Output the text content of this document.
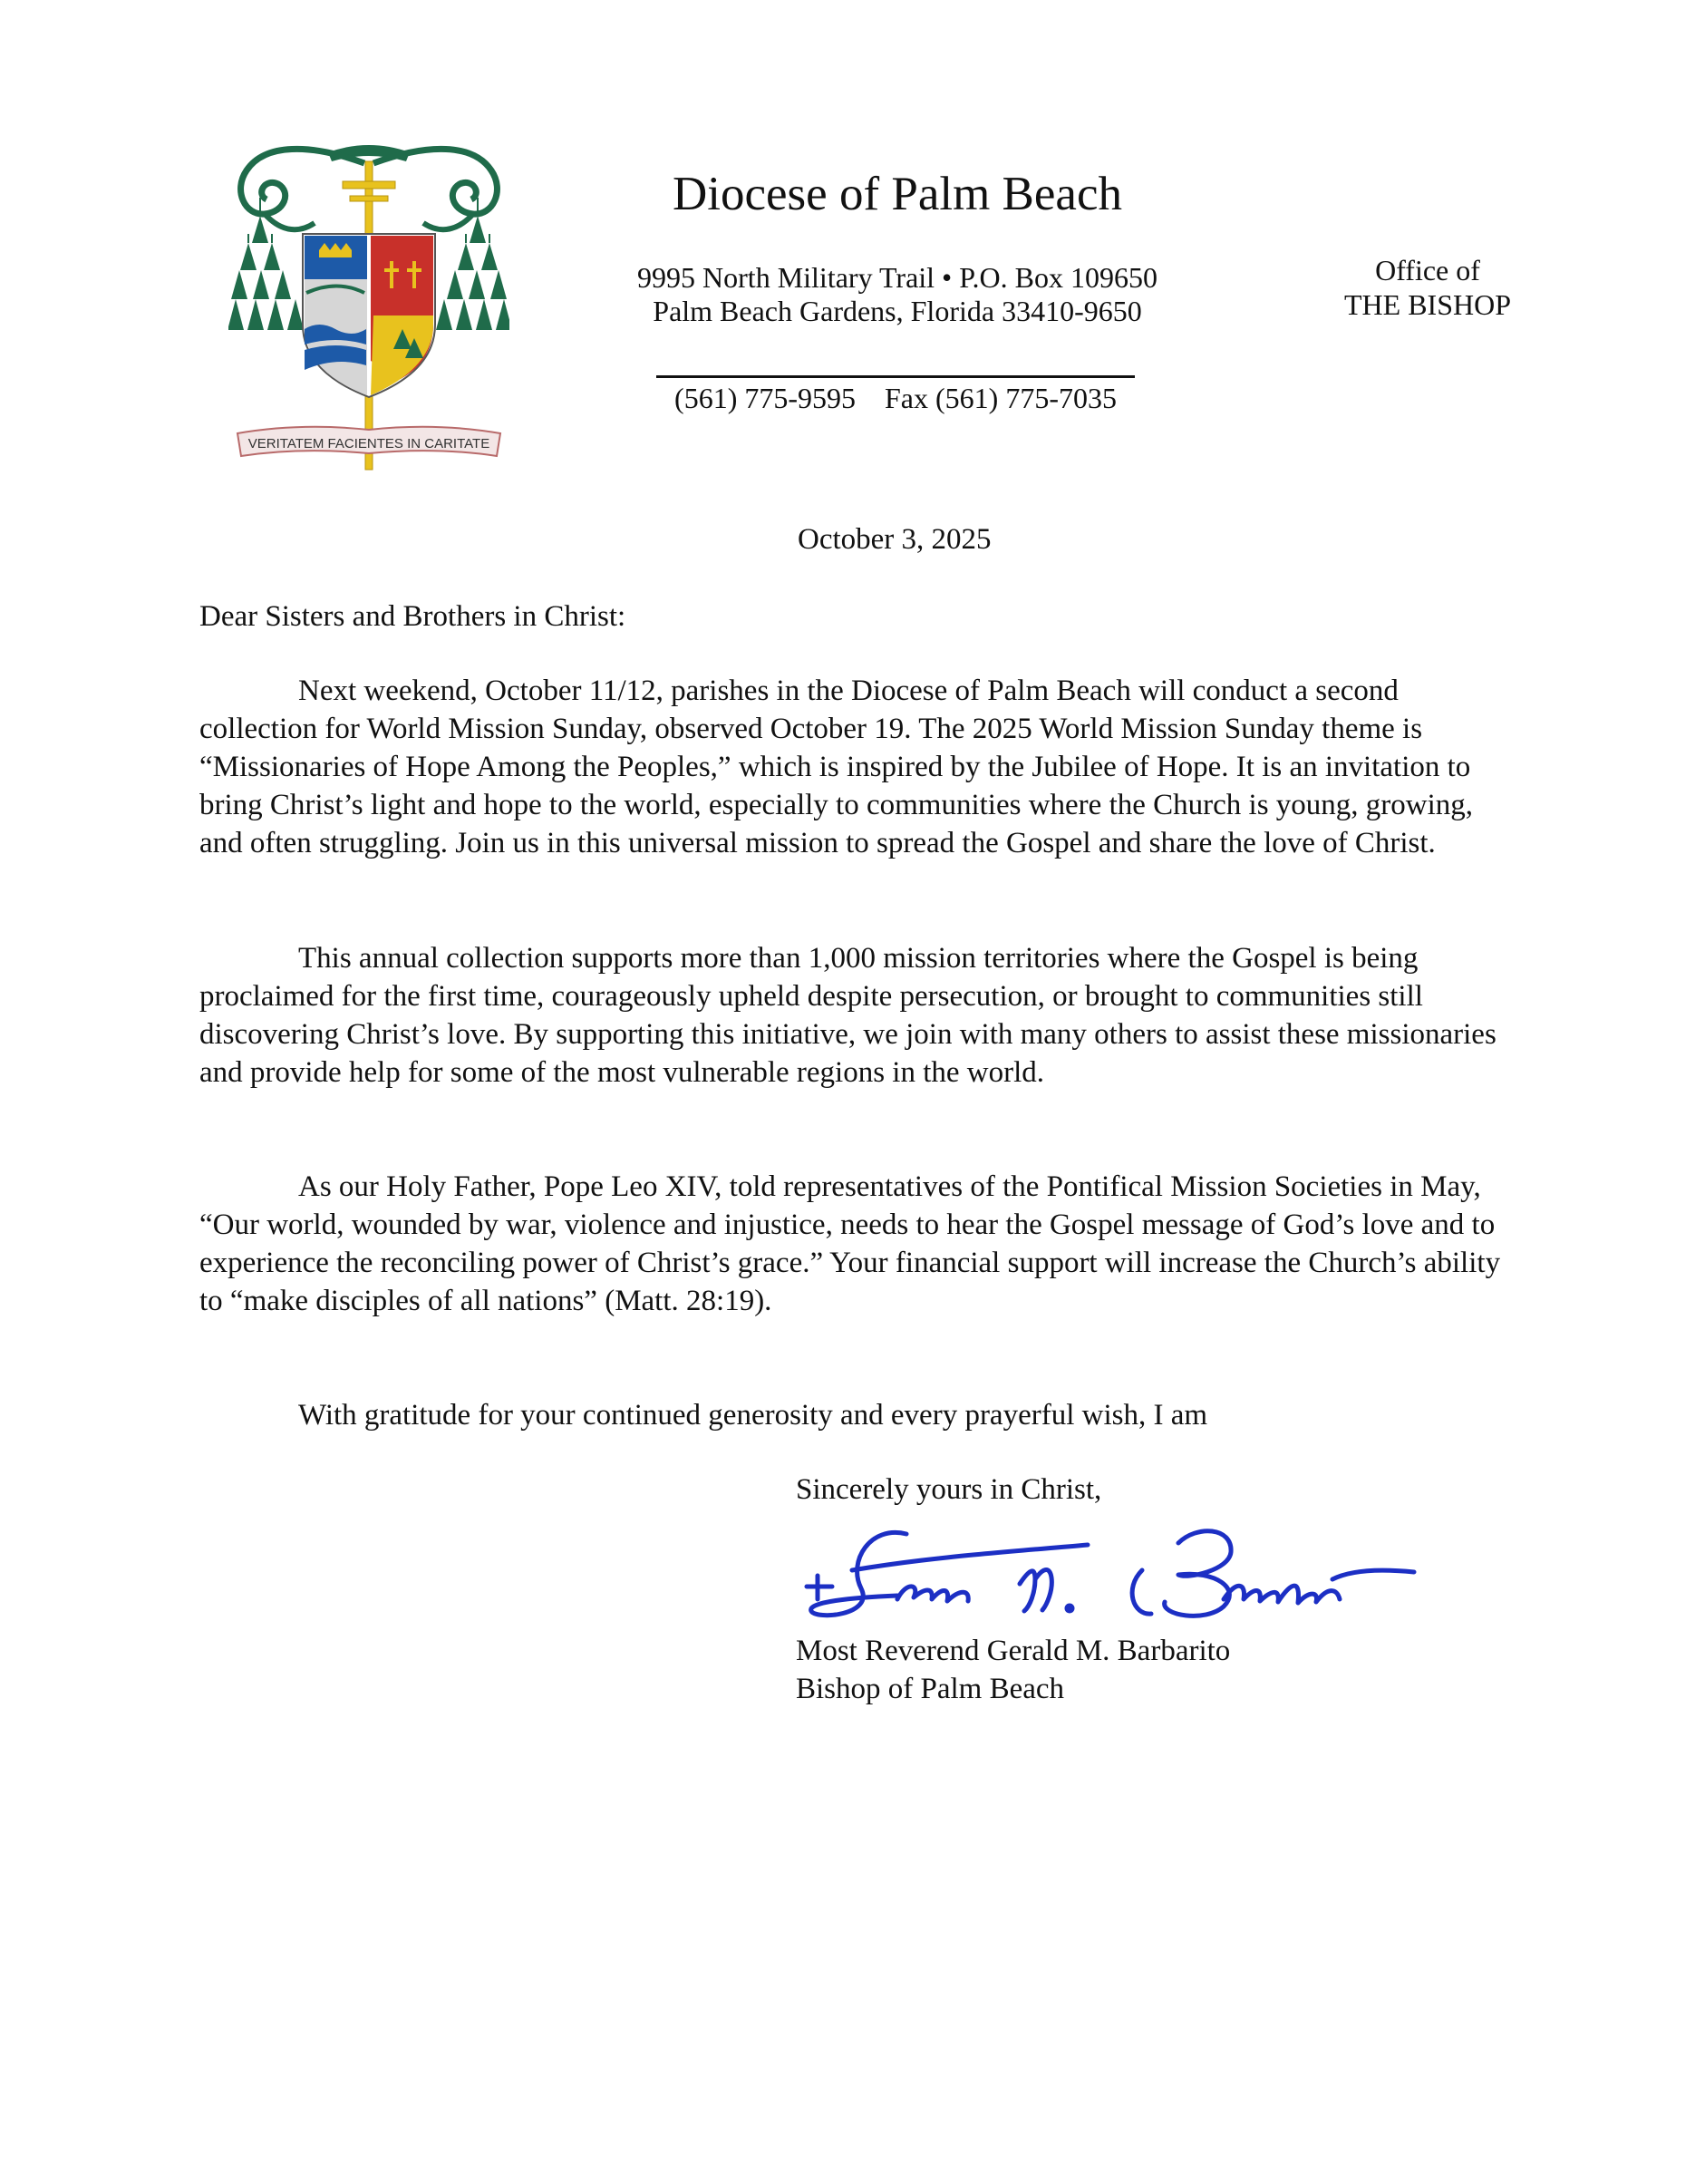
VERITATEM FACIENTES IN CARITATE
Diocese of Palm Beach
9995 North Military Trail • P.O. Box 109650
Palm Beach Gardens, Florida 33410-9650
(561) 775-9595 Fax (561) 775-7035
Office of
THE BISHOP
October 3, 2025
Dear Sisters and Brothers in Christ:

Next weekend, October 11/12, parishes in the Diocese of Palm Beach will conduct a second collection for World Mission Sunday, observed October 19. The 2025 World Mission Sunday theme is “Missionaries of Hope Among the Peoples,” which is inspired by the Jubilee of Hope. It is an invitation to bring Christ’s light and hope to the world, especially to communities where the Church is young, growing, and often struggling. Join us in this universal mission to spread the Gospel and share the love of Christ.

This annual collection supports more than 1,000 mission territories where the Gospel is being proclaimed for the first time, courageously upheld despite persecution, or brought to communities still discovering Christ’s love. By supporting this initiative, we join with many others to assist these missionaries and provide help for some of the most vulnerable regions in the world.

As our Holy Father, Pope Leo XIV, told representatives of the Pontifical Mission Societies in May, “Our world, wounded by war, violence and injustice, needs to hear the Gospel message of God’s love and to experience the reconciling power of Christ’s grace.” Your financial support will increase the Church’s ability to “make disciples of all nations” (Matt. 28:19).

With gratitude for your continued generosity and every prayerful wish, I am

Sincerely yours in Christ,
Most Reverend Gerald M. Barbarito
Bishop of Palm Beach
